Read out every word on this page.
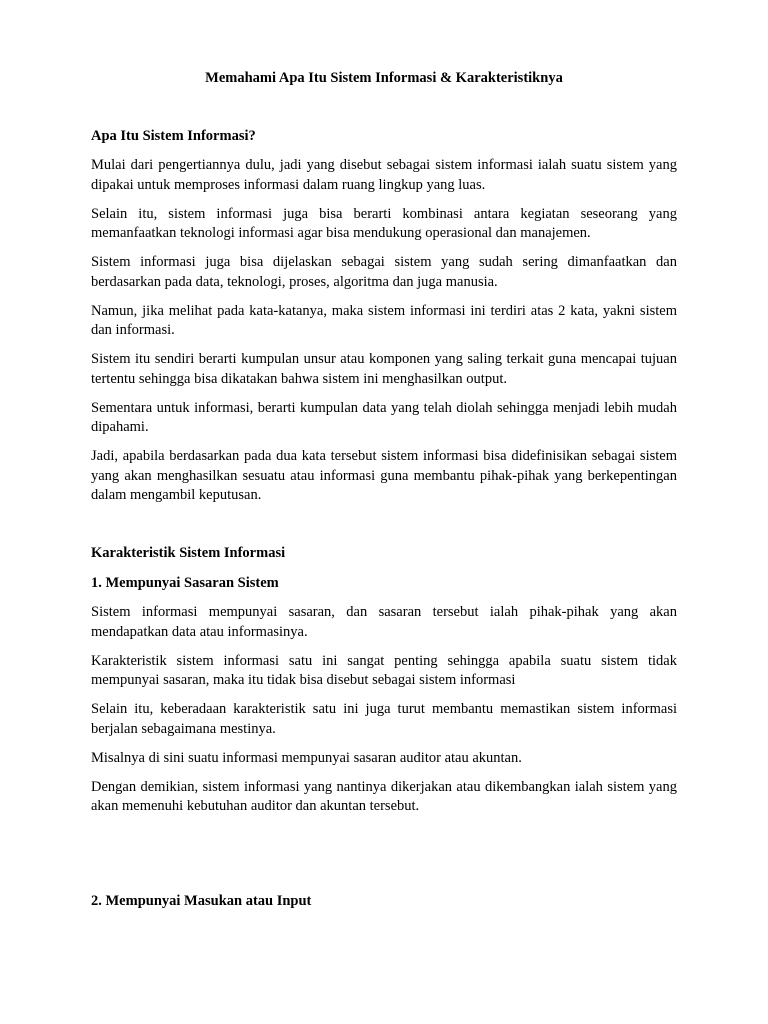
Memahami Apa Itu Sistem Informasi & Karakteristiknya
Apa Itu Sistem Informasi?

Mulai dari pengertiannya dulu, jadi yang disebut sebagai sistem informasi ialah suatu sistem yang dipakai untuk memproses informasi dalam ruang lingkup yang luas.

Selain itu, sistem informasi juga bisa berarti kombinasi antara kegiatan seseorang yang memanfaatkan teknologi informasi agar bisa mendukung operasional dan manajemen.

Sistem informasi juga bisa dijelaskan sebagai sistem yang sudah sering dimanfaatkan dan berdasarkan pada data, teknologi, proses, algoritma dan juga manusia.

Namun, jika melihat pada kata-katanya, maka sistem informasi ini terdiri atas 2 kata, yakni sistem dan informasi.

Sistem itu sendiri berarti kumpulan unsur atau komponen yang saling terkait guna mencapai tujuan tertentu sehingga bisa dikatakan bahwa sistem ini menghasilkan output.

Sementara untuk informasi, berarti kumpulan data yang telah diolah sehingga menjadi lebih mudah dipahami.

Jadi, apabila berdasarkan pada dua kata tersebut sistem informasi bisa didefinisikan sebagai sistem yang akan menghasilkan sesuatu atau informasi guna membantu pihak-pihak yang berkepentingan dalam mengambil keputusan.

Karakteristik Sistem Informasi
1. Mempunyai Sasaran Sistem

Sistem informasi mempunyai sasaran, dan sasaran tersebut ialah pihak-pihak yang akan mendapatkan data atau informasinya.

Karakteristik sistem informasi satu ini sangat penting sehingga apabila suatu sistem tidak mempunyai sasaran, maka itu tidak bisa disebut sebagai sistem informasi

Selain itu, keberadaan karakteristik satu ini juga turut membantu memastikan sistem informasi berjalan sebagaimana mestinya.

Misalnya di sini suatu informasi mempunyai sasaran auditor atau akuntan.

Dengan demikian, sistem informasi yang nantinya dikerjakan atau dikembangkan ialah sistem yang akan memenuhi kebutuhan auditor dan akuntan tersebut.

2. Mempunyai Masukan atau Input
